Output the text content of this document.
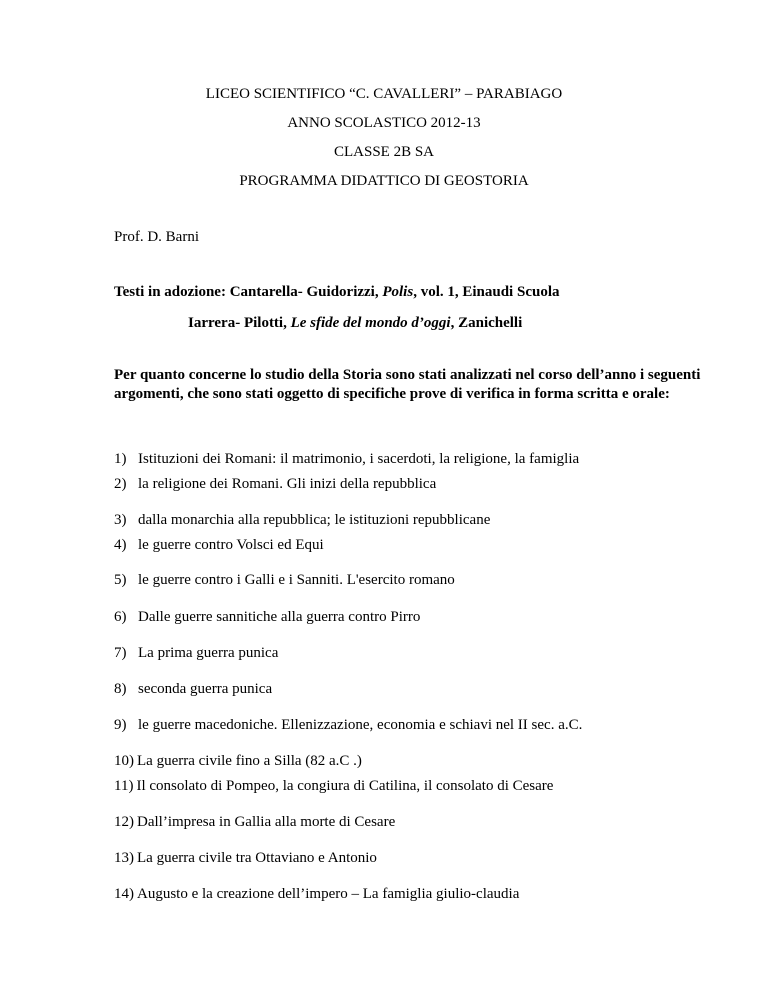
LICEO SCIENTIFICO “C. CAVALLERI” – PARABIAGO
ANNO SCOLASTICO 2012-13
CLASSE 2B SA
PROGRAMMA DIDATTICO DI GEOSTORIA
Prof. D. Barni
Testi in adozione: Cantarella- Guidorizzi, Polis, vol. 1, Einaudi Scuola
Iarrera- Pilotti, Le sfide del mondo d’oggi, Zanichelli
Per quanto concerne lo studio della Storia sono stati analizzati nel corso dell’anno i seguenti argomenti, che sono stati oggetto di specifiche prove di verifica in forma scritta e orale:
1) Istituzioni dei Romani: il matrimonio, i sacerdoti, la religione, la famiglia
2) la religione dei Romani. Gli inizi della repubblica
3) dalla monarchia alla repubblica; le istituzioni repubblicane
4) le guerre contro Volsci ed Equi
5) le guerre contro i Galli e i Sanniti. L'esercito romano
6) Dalle guerre sannitiche alla guerra contro Pirro
7) La prima guerra punica
8) seconda guerra punica
9) le guerre macedoniche. Ellenizzazione, economia e schiavi nel II sec. a.C.
10) La guerra civile fino a Silla (82 a.C .)
11) Il consolato di Pompeo, la congiura di Catilina, il consolato di Cesare
12) Dall’impresa in Gallia alla morte di Cesare
13) La guerra civile tra Ottaviano e Antonio
14) Augusto e la creazione dell’impero – La famiglia giulio-claudia
